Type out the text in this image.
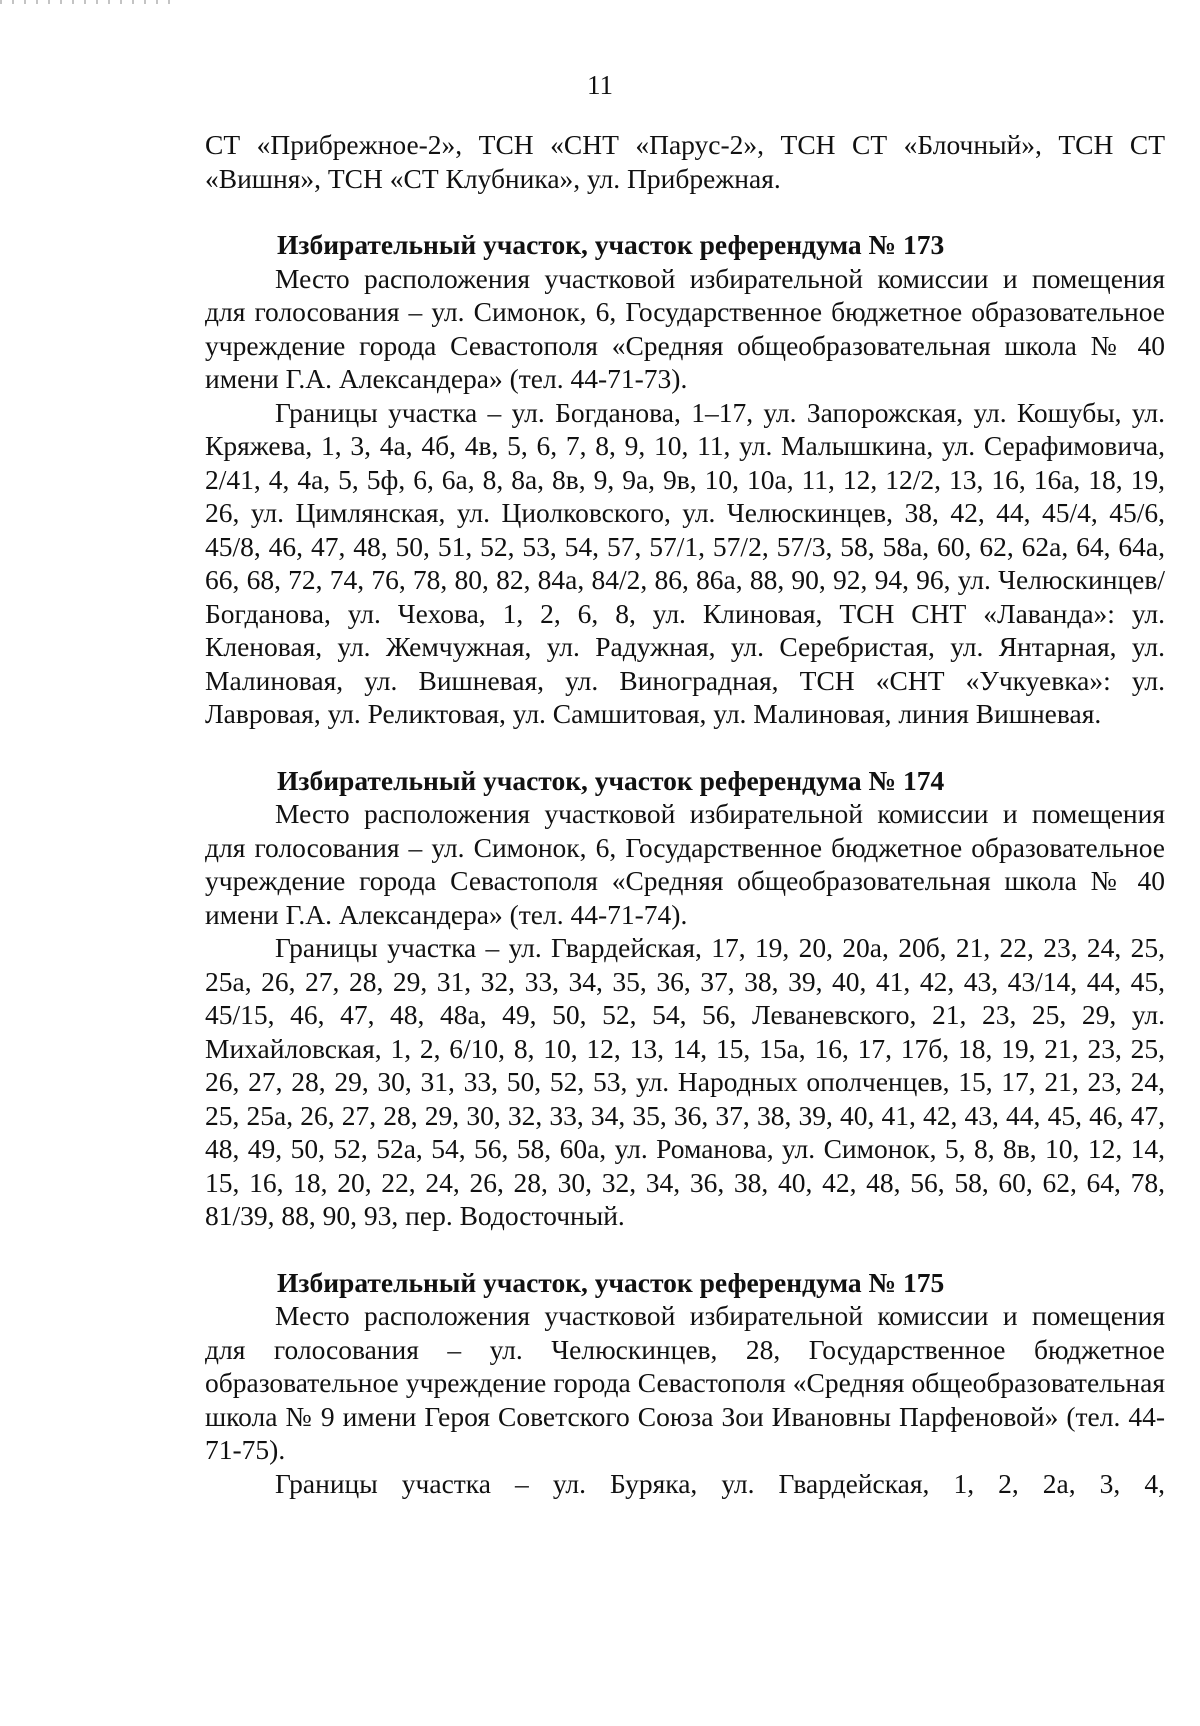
11

СТ «Прибрежное-2», ТСН «СНТ «Парус-2», ТСН СТ «Блочный», ТСН СТ «Вишня», ТСН «СТ Клубника», ул. Прибрежная.

Избирательный участок, участок референдума № 173

Место расположения участковой избирательной комиссии и помещения для голосования – ул. Симонок, 6, Государственное бюджетное образовательное учреждение города Севастополя «Средняя общеобразовательная школа № 40 имени Г.А. Александера» (тел. 44-71-73).

Границы участка – ул. Богданова, 1–17, ул. Запорожская, ул. Кошубы, ул. Кряжева, 1, 3, 4а, 4б, 4в, 5, 6, 7, 8, 9, 10, 11, ул. Малышкина, ул. Серафимовича, 2/41, 4, 4а, 5, 5ф, 6, 6а, 8, 8а, 8в, 9, 9а, 9в, 10, 10а, 11, 12, 12/2, 13, 16, 16а, 18, 19, 26, ул. Цимлянская, ул. Циолковского, ул. Челюскинцев, 38, 42, 44, 45/4, 45/6, 45/8, 46, 47, 48, 50, 51, 52, 53, 54, 57, 57/1, 57/2, 57/3, 58, 58а, 60, 62, 62а, 64, 64а, 66, 68, 72, 74, 76, 78, 80, 82, 84а, 84/2, 86, 86а, 88, 90, 92, 94, 96, ул. Челюскинцев/Богданова, ул. Чехова, 1, 2, 6, 8, ул. Клиновая, ТСН СНТ «Лаванда»: ул. Кленовая, ул. Жемчужная, ул. Радужная, ул. Серебристая, ул. Янтарная, ул. Малиновая, ул. Вишневая, ул. Виноградная, ТСН «СНТ «Учкуевка»: ул. Лавровая, ул. Реликтовая, ул. Самшитовая, ул. Малиновая, линия Вишневая.

Избирательный участок, участок референдума № 174

Место расположения участковой избирательной комиссии и помещения для голосования – ул. Симонок, 6, Государственное бюджетное образовательное учреждение города Севастополя «Средняя общеобразовательная школа № 40 имени Г.А. Александера» (тел. 44-71-74).

Границы участка – ул. Гвардейская, 17, 19, 20, 20а, 20б, 21, 22, 23, 24, 25, 25а, 26, 27, 28, 29, 31, 32, 33, 34, 35, 36, 37, 38, 39, 40, 41, 42, 43, 43/14, 44, 45, 45/15, 46, 47, 48, 48а, 49, 50, 52, 54, 56, Леваневского, 21, 23, 25, 29, ул. Михайловская, 1, 2, 6/10, 8, 10, 12, 13, 14, 15, 15а, 16, 17, 17б, 18, 19, 21, 23, 25, 26, 27, 28, 29, 30, 31, 33, 50, 52, 53, ул. Народных ополченцев, 15, 17, 21, 23, 24, 25, 25а, 26, 27, 28, 29, 30, 32, 33, 34, 35, 36, 37, 38, 39, 40, 41, 42, 43, 44, 45, 46, 47, 48, 49, 50, 52, 52а, 54, 56, 58, 60а, ул. Романова, ул. Симонок, 5, 8, 8в, 10, 12, 14, 15, 16, 18, 20, 22, 24, 26, 28, 30, 32, 34, 36, 38, 40, 42, 48, 56, 58, 60, 62, 64, 78, 81/39, 88, 90, 93, пер. Водосточный.

Избирательный участок, участок референдума № 175

Место расположения участковой избирательной комиссии и помещения для голосования – ул. Челюскинцев, 28, Государственное бюджетное образовательное учреждение города Севастополя «Средняя общеобразовательная школа № 9 имени Героя Советского Союза Зои Ивановны Парфеновой» (тел. 44-71-75).

Границы участка – ул. Буряка, ул. Гвардейская, 1, 2, 2а, 3, 4,
